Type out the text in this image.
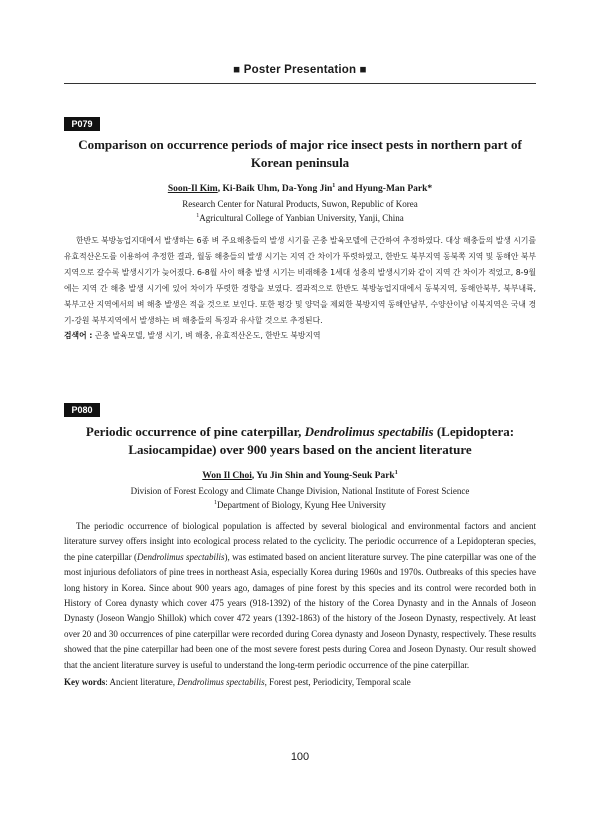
■ Poster Presentation ■
P079
Comparison on occurrence periods of major rice insect pests in northern part of Korean peninsula
Soon-Il Kim, Ki-Baik Uhm, Da-Yong Jin$^1$ and Hyung-Man Park*
Research Center for Natural Products, Suwon, Republic of Korea
$^1$Agricultural College of Yanbian University, Yanji, China
한반도 북방농업지대에서 발생하는 6종 벼 주요해충들의 발생 시기를 곤충 발육모델에 근간하여 추정하였다. 대상 해충들의 발생 시기를 유효적산온도를 이용하여 추정한 결과, 월동 해충들의 발생 시기는 지역 간 차이가 뚜렷하였고, 한반도 북부지역 동북쪽 지역 및 동해안 북부 지역으로 갈수록 발생시기가 늦어졌다. 6-8월 사이 해충 발생 시기는 비래해충 1세대 성충의 발생시기와 같이 지역 간 차이가 적었고, 8-9월에는 지역 간 해충 발생 시기에 있어 차이가 뚜렷한 경향을 보였다. 결과적으로 한반도 북방농업지대에서 동북지역, 동해안북부, 북부내륙, 북부고산 지역에서의 벼 해충 발생은 적을 것으로 보인다. 또한 평강 및 양덕을 제외한 북방지역 동해안남부, 수양산이남 이북지역은 국내 경기-강원 북부지역에서 발생하는 벼 해충들의 특징과 유사할 것으로 추정된다.
검색어 : 곤충 발육모델, 발생 시기, 벼 해충, 유효적산온도, 한반도 북방지역
P080
Periodic occurrence of pine caterpillar, Dendrolimus spectabilis (Lepidoptera: Lasiocampidae) over 900 years based on the ancient literature
Won Il Choi, Yu Jin Shin and Young-Seuk Park$^1$
Division of Forest Ecology and Climate Change Division, National Institute of Forest Science
$^1$Department of Biology, Kyung Hee University
The periodic occurrence of biological population is affected by several biological and environmental factors and ancient literature survey offers insight into ecological process related to the cyclicity. The periodic occurrence of a Lepidopteran species, the pine caterpillar (Dendrolimus spectabilis), was estimated based on ancient literature survey. The pine caterpillar was one of the most injurious defoliators of pine trees in northeast Asia, especially Korea during 1960s and 1970s. Outbreaks of this species have long history in Korea. Since about 900 years ago, damages of pine forest by this species and its control were recorded both in History of Corea dynasty which cover 475 years (918-1392) of the history of the Corea Dynasty and in the Annals of Joseon Dynasty (Joseon Wangjo Shillok) which cover 472 years (1392-1863) of the history of the Joseon Dynasty, respectively. At least over 20 and 30 occurrences of pine caterpillar were recorded during Corea dynasty and Joseon Dynasty, respectively. These results showed that the pine caterpillar had been one of the most severe forest pests during Corea and Joseon Dynasty. Our result showed that the ancient literature survey is useful to understand the long-term periodic occurrence of the pine caterpillar.
Key words: Ancient literature, Dendrolimus spectabilis, Forest pest, Periodicity, Temporal scale
100
